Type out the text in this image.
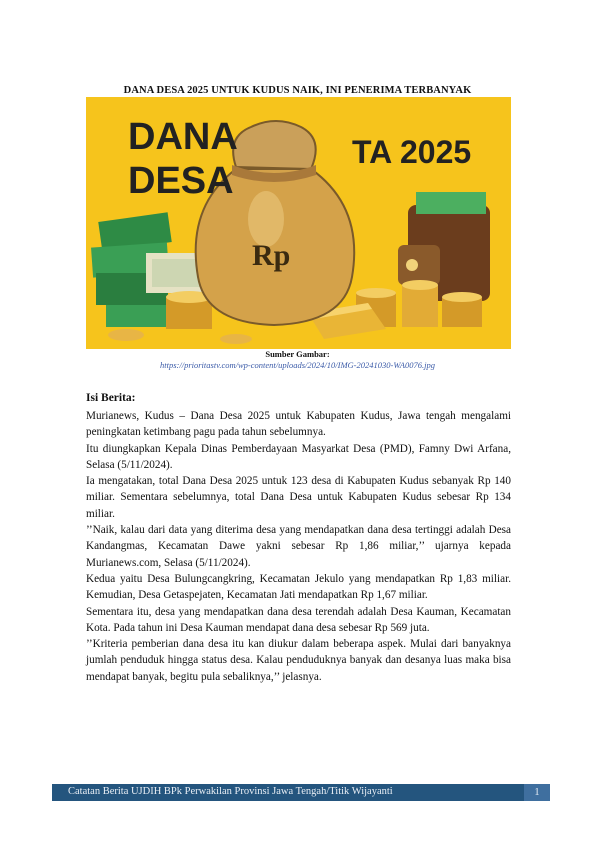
DANA DESA 2025 UNTUK KUDUS NAIK, INI PENERIMA TERBANYAK
DANA
DESA
TA 2025
Rp
Sumber Gambar:
https://prioritastv.com/wp-content/uploads/2024/10/IMG-20241030-WA0076.jpg
Isi Berita:

Murianews, Kudus – Dana Desa 2025 untuk Kabupaten Kudus, Jawa tengah mengalami peningkatan ketimbang pagu pada tahun sebelumnya.

Itu diungkapkan Kepala Dinas Pemberdayaan Masyarkat Desa (PMD), Famny Dwi Arfana, Selasa (5/11/2024).

Ia mengatakan, total Dana Desa 2025 untuk 123 desa di Kabupaten Kudus sebanyak Rp 140 miliar. Sementara sebelumnya, total Dana Desa untuk Kabupaten Kudus sebesar Rp 134 miliar.

’’Naik, kalau dari data yang diterima desa yang mendapatkan dana desa tertinggi adalah Desa Kandangmas, Kecamatan Dawe yakni sebesar Rp 1,86 miliar,’’ ujarnya kepada Murianews.com, Selasa (5/11/2024).

Kedua yaitu Desa Bulungcangkring, Kecamatan Jekulo yang mendapatkan Rp 1,83 miliar. Kemudian, Desa Getaspejaten, Kecamatan Jati mendapatkan Rp 1,67 miliar.

Sementara itu, desa yang mendapatkan dana desa terendah adalah Desa Kauman, Kecamatan Kota. Pada tahun ini Desa Kauman mendapat dana desa sebesar Rp 569 juta.

’’Kriteria pemberian dana desa itu kan diukur dalam beberapa aspek. Mulai dari banyaknya jumlah penduduk hingga status desa. Kalau penduduknya banyak dan desanya luas maka bisa mendapat banyak, begitu pula sebaliknya,’’ jelasnya.

Catatan Berita UJDIH BPk Perwakilan Provinsi Jawa Tengah/Titik Wijayanti	1
